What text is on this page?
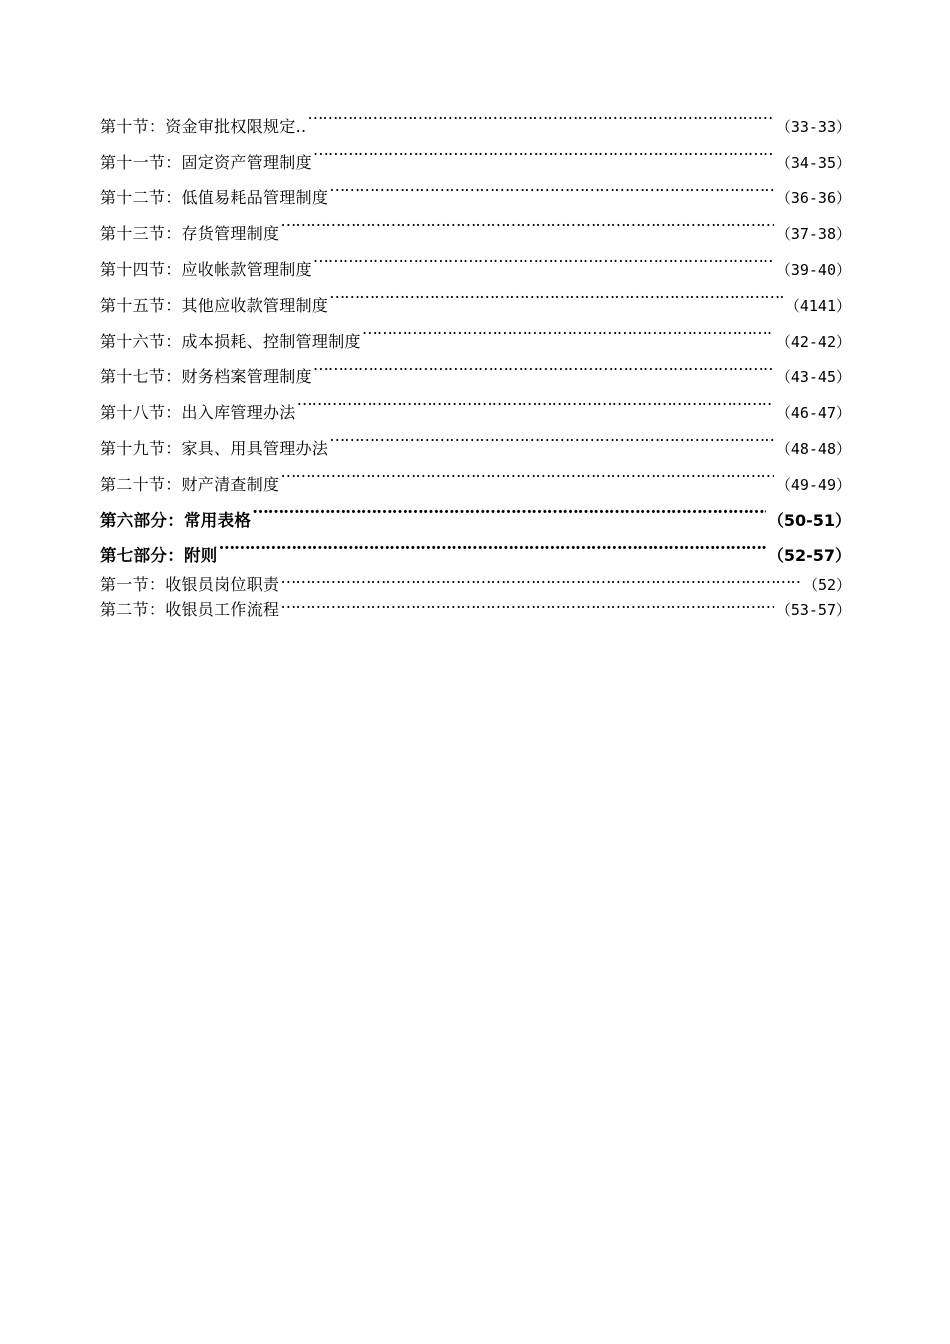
第十节：资金审批权限规定.. …………………………………………………………………………………………………………………………………………………………………………………………………………………………………………………………	（33-33）
第十一节：固定资产管理制度 …………………………………………………………………………………………………………………………………………………………………………………………………………………………………………………………	（34-35）
第十二节：低值易耗品管理制度 …………………………………………………………………………………………………………………………………………………………………………………………………………………………………………………………	（36-36）
第十三节：存货管理制度 …………………………………………………………………………………………………………………………………………………………………………………………………………………………………………………………	（37-38）
第十四节：应收帐款管理制度 …………………………………………………………………………………………………………………………………………………………………………………………………………………………………………………………	（39-40）
第十五节：其他应收款管理制度 …………………………………………………………………………………………………………………………………………………………………………………………………………………………………………………………	（4141）
第十六节：成本损耗、控制管理制度 …………………………………………………………………………………………………………………………………………………………………………………………………………………………………………………………	（42-42）
第十七节：财务档案管理制度 …………………………………………………………………………………………………………………………………………………………………………………………………………………………………………………………	（43-45）
第十八节：出入库管理办法 …………………………………………………………………………………………………………………………………………………………………………………………………………………………………………………………	（46-47）
第十九节：家具、用具管理办法 …………………………………………………………………………………………………………………………………………………………………………………………………………………………………………………………	（48-48）
第二十节：财产清查制度 …………………………………………………………………………………………………………………………………………………………………………………………………………………………………………………………	（49-49）
第六部分：常用表格 …………………………………………………………………………………………………………………………………………………………………………………………………………………………………………………………	（50-51）
第七部分：附则 …………………………………………………………………………………………………………………………………………………………………………………………………………………………………………………………	（52-57）
第一节：收银员岗位职责 …………………………………………………………………………………………………………………………………………………………………………………………………………………………………………………………	（52）
第二节：收银员工作流程 …………………………………………………………………………………………………………………………………………………………………………………………………………………………………………………………	（53-57）
